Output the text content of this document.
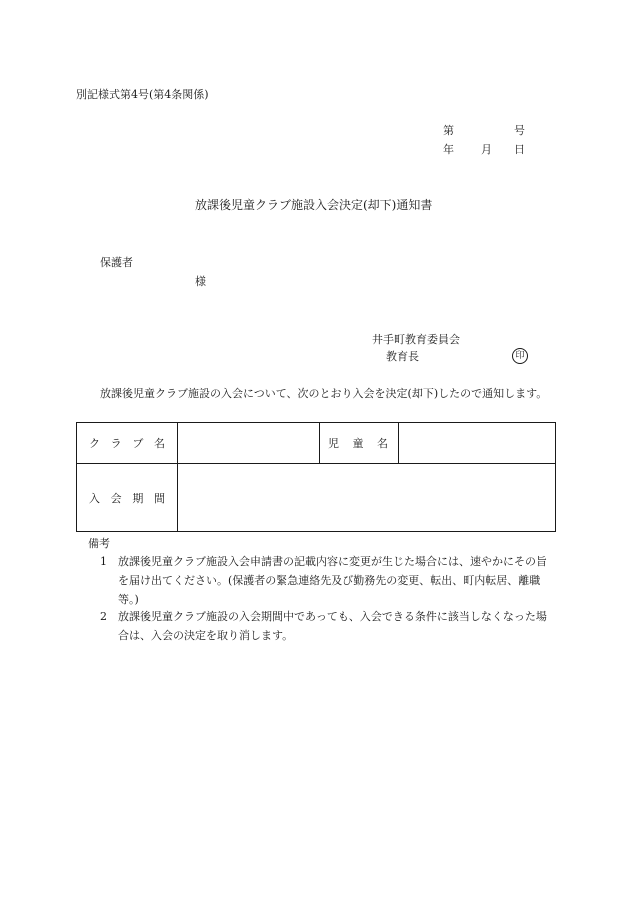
別記様式第4号(第4条関係)
第	号
年 月 日
放課後児童クラブ施設入会決定(却下)通知書
保護者
様
井手町教育委員会
教育長	印

放課後児童クラブ施設の入会について、次のとおり入会を決定(却下)したので通知します。

ク ラ ブ 名		児 童 名	

入 会 期 間			

備考
1	放課後児童クラブ施設入会申請書の記載内容に変更が生じた場合には、速やかにその旨を届け出てください。(保護者の緊急連絡先及び勤務先の変更、転出、町内転居、離職等。)
2	放課後児童クラブ施設の入会期間中であっても、入会できる条件に該当しなくなった場合は、入会の決定を取り消します。
